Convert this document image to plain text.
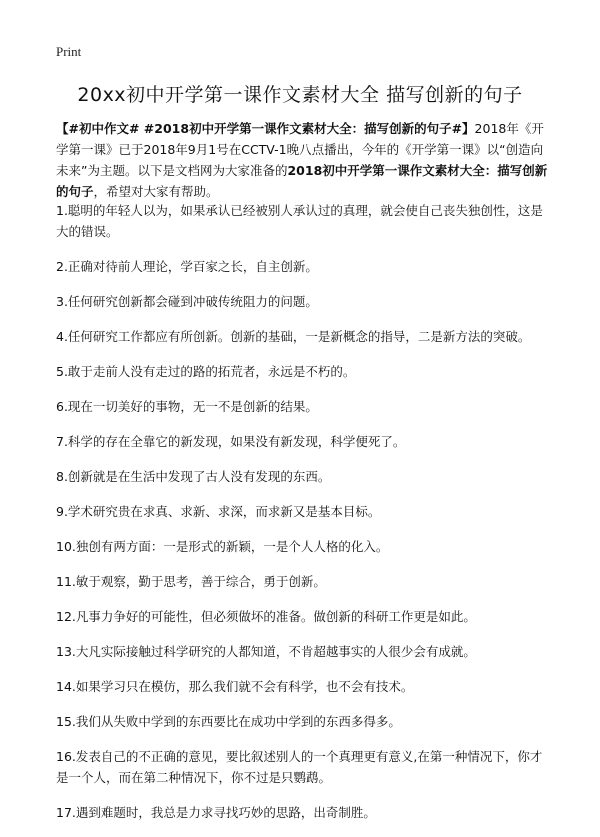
Print
20xx初中开学第一课作文素材大全 描写创新的句子
【#初中作文# #2018初中开学第一课作文素材大全：描写创新的句子#】2018年《开学第一课》已于2018年9月1号在CCTV-1晚八点播出，今年的《开学第一课》以“创造向未来”为主题。以下是文档网为大家准备的2018初中开学第一课作文素材大全：描写创新的句子，希望对大家有帮助。
1.聪明的年轻人以为，如果承认已经被别人承认过的真理，就会使自己丧失独创性，这是大的错误。
2.正确对待前人理论，学百家之长，自主创新。
3.任何研究创新都会碰到冲破传统阻力的问题。
4.任何研究工作都应有所创新。创新的基础，一是新概念的指导，二是新方法的突破。
5.敢于走前人没有走过的路的拓荒者，永远是不朽的。
6.现在一切美好的事物，无一不是创新的结果。
7.科学的存在全靠它的新发现，如果没有新发现，科学便死了。
8.创新就是在生活中发现了古人没有发现的东西。
9.学术研究贵在求真、求新、求深，而求新又是基本目标。
10.独创有两方面：一是形式的新颖，一是个人人格的化入。
11.敏于观察，勤于思考，善于综合，勇于创新。
12.凡事力争好的可能性，但必须做坏的准备。做创新的科研工作更是如此。
13.大凡实际接触过科学研究的人都知道，不肯超越事实的人很少会有成就。
14.如果学习只在模仿，那么我们就不会有科学，也不会有技术。
15.我们从失败中学到的东西要比在成功中学到的东西多得多。
16.发表自己的不正确的意见，要比叙述别人的一个真理更有意义,在第一种情况下，你才是一个人，而在第二种情况下，你不过是只鹦鹉。
17.遇到难题时，我总是力求寻找巧妙的思路，出奇制胜。
